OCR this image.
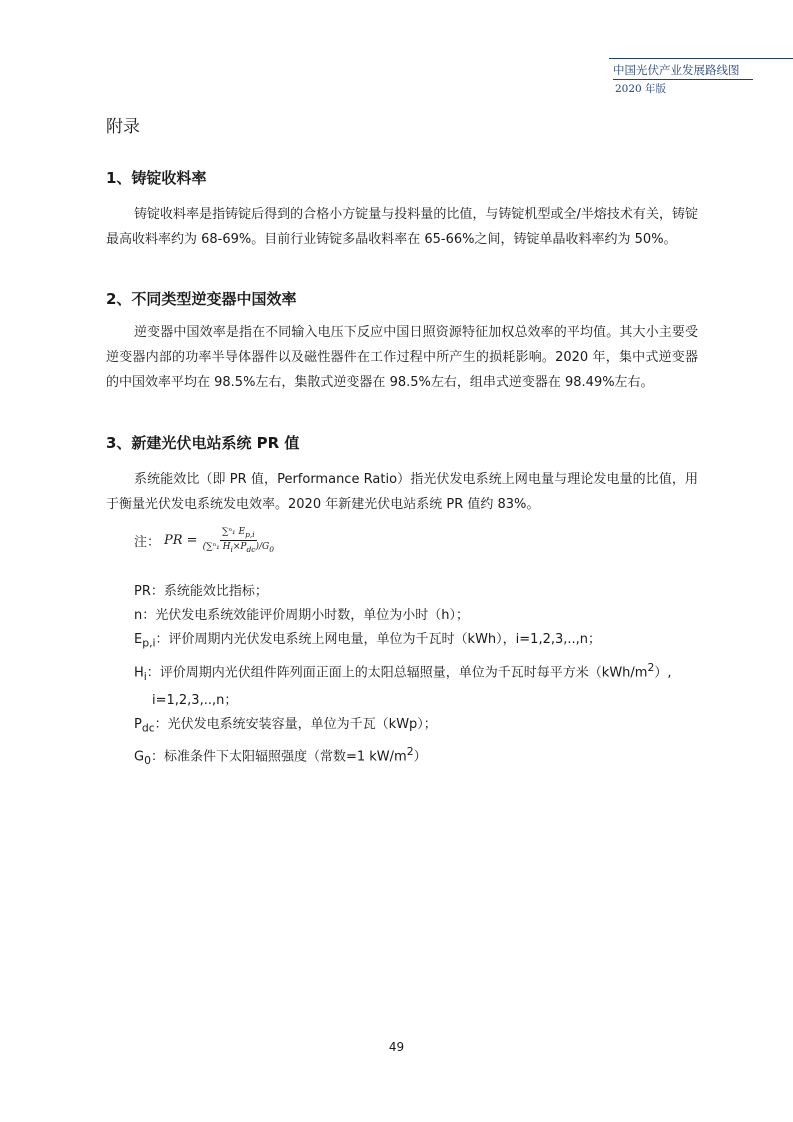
中国光伏产业发展路线图
2020 年版
附录
1、铸锭收料率

铸锭收料率是指铸锭后得到的合格小方锭量与投料量的比值，与铸锭机型或全/半熔技术有关，铸锭最高收料率约为 68-69%。目前行业铸锭多晶收料率在 65-66%之间，铸锭单晶收料率约为 50%。

2、不同类型逆变器中国效率

逆变器中国效率是指在不同输入电压下反应中国日照资源特征加权总效率的平均值。其大小主要受逆变器内部的功率半导体器件以及磁性器件在工作过程中所产生的损耗影响。2020 年，集中式逆变器的中国效率平均在 98.5%左右，集散式逆变器在 98.5%左右，组串式逆变器在 98.49%左右。

3、新建光伏电站系统 PR 值

系统能效比（即 PR 值，Performance Ratio）指光伏发电系统上网电量与理论发电量的比值，用于衡量光伏发电系统发电效率。2020 年新建光伏电站系统 PR 值约 83%。

注： PR = $\frac{\sum^n_1 E_{p,i}}{(\sum^n_1 H_i\times P_{dc})/G_0}$

PR：系统能效比指标；

n：光伏发电系统效能评价周期小时数，单位为小时（h）；

$E_{p,i}$：评价周期内光伏发电系统上网电量，单位为千瓦时（kWh），i=1,2,3,..,n；

$H_i$：评价周期内光伏组件阵列面正面上的太阳总辐照量，单位为千瓦时每平方米$(kWh/m^2)$,

i=1,2,3,..,n；

$P_{dc}$：光伏发电系统安装容量，单位为千瓦（kWp）；

$G_0$：标准条件下太阳辐照强度（常数=1 $kW/m^2$）

49
